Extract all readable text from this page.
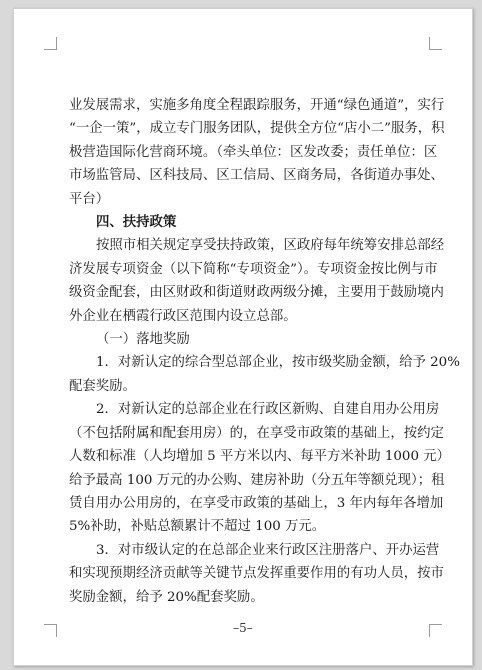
业发展需求，实施多角度全程跟踪服务，开通“绿色通道”，实行
“一企一策”，成立专门服务团队，提供全方位“店小二”服务，积
极营造国际化营商环境。（牵头单位：区发改委；责任单位：区
市场监管局、区科技局、区工信局、区商务局，各街道办事处、
平台）

四、扶持政策

按照市相关规定享受扶持政策，区政府每年统筹安排总部经
济发展专项资金（以下简称“专项资金”）。专项资金按比例与市
级资金配套，由区财政和街道财政两级分摊，主要用于鼓励境内
外企业在栖霞行政区范围内设立总部。

（一）落地奖励

1．对新认定的综合型总部企业，按市级奖励金额，给予 20%
配套奖励。

2．对新认定的总部企业在行政区新购、自建自用办公用房
（不包括附属和配套用房）的，在享受市政策的基础上，按约定
人数和标准（人均增加 5 平方米以内、每平方米补助 1000 元）
给予最高 100 万元的办公购、建房补助（分五年等额兑现）；租
赁自用办公用房的，在享受市政策的基础上，3 年内每年各增加
5%补助，补贴总额累计不超过 100 万元。

3．对市级认定的在总部企业来行政区注册落户、开办运营
和实现预期经济贡献等关键节点发挥重要作用的有功人员，按市
奖励金额，给予 20%配套奖励。

–5–
